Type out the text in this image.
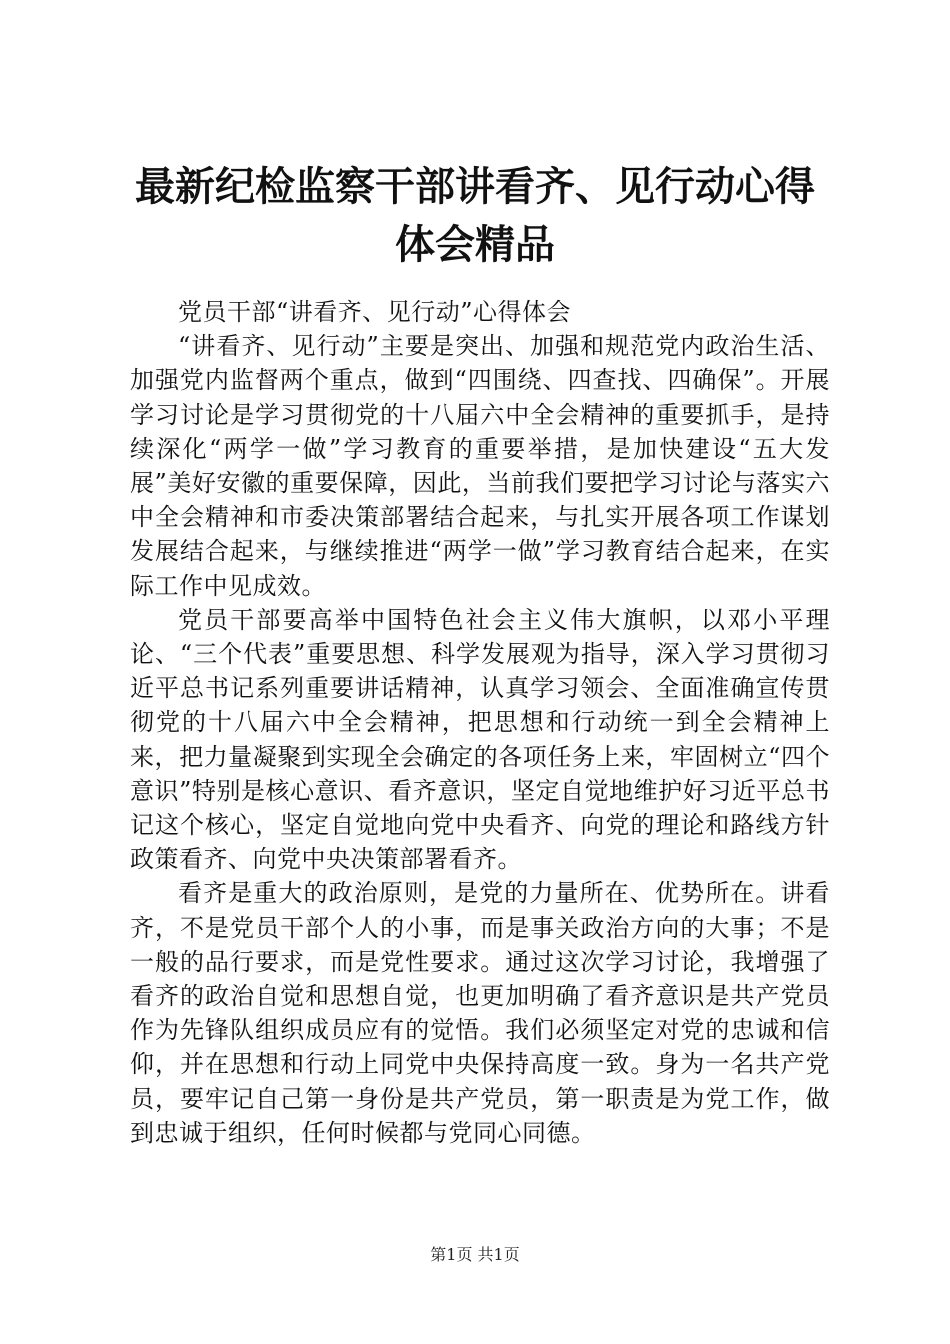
最新纪检监察干部讲看齐、见行动心得体会精品

党员干部“讲看齐、见行动”心得体会

“讲看齐、见行动”主要是突出、加强和规范党内政治生活、加强党内监督两个重点，做到“四围绕、四查找、四确保”。开展学习讨论是学习贯彻党的十八届六中全会精神的重要抓手，是持续深化“两学一做”学习教育的重要举措，是加快建设“五大发展”美好安徽的重要保障，因此，当前我们要把学习讨论与落实六中全会精神和市委决策部署结合起来，与扎实开展各项工作谋划发展结合起来，与继续推进“两学一做”学习教育结合起来，在实际工作中见成效。

党员干部要高举中国特色社会主义伟大旗帜，以邓小平理论、“三个代表”重要思想、科学发展观为指导，深入学习贯彻习近平总书记系列重要讲话精神，认真学习领会、全面准确宣传贯彻党的十八届六中全会精神，把思想和行动统一到全会精神上来，把力量凝聚到实现全会确定的各项任务上来，牢固树立“四个意识”特别是核心意识、看齐意识，坚定自觉地维护好习近平总书记这个核心，坚定自觉地向党中央看齐、向党的理论和路线方针政策看齐、向党中央决策部署看齐。

看齐是重大的政治原则，是党的力量所在、优势所在。讲看齐，不是党员干部个人的小事，而是事关政治方向的大事；不是一般的品行要求，而是党性要求。通过这次学习讨论，我增强了看齐的政治自觉和思想自觉，也更加明确了看齐意识是共产党员作为先锋队组织成员应有的觉悟。我们必须坚定对党的忠诚和信仰，并在思想和行动上同党中央保持高度一致。身为一名共产党员，要牢记自己第一身份是共产党员，第一职责是为党工作，做到忠诚于组织，任何时候都与党同心同德。

第1页 共1页
